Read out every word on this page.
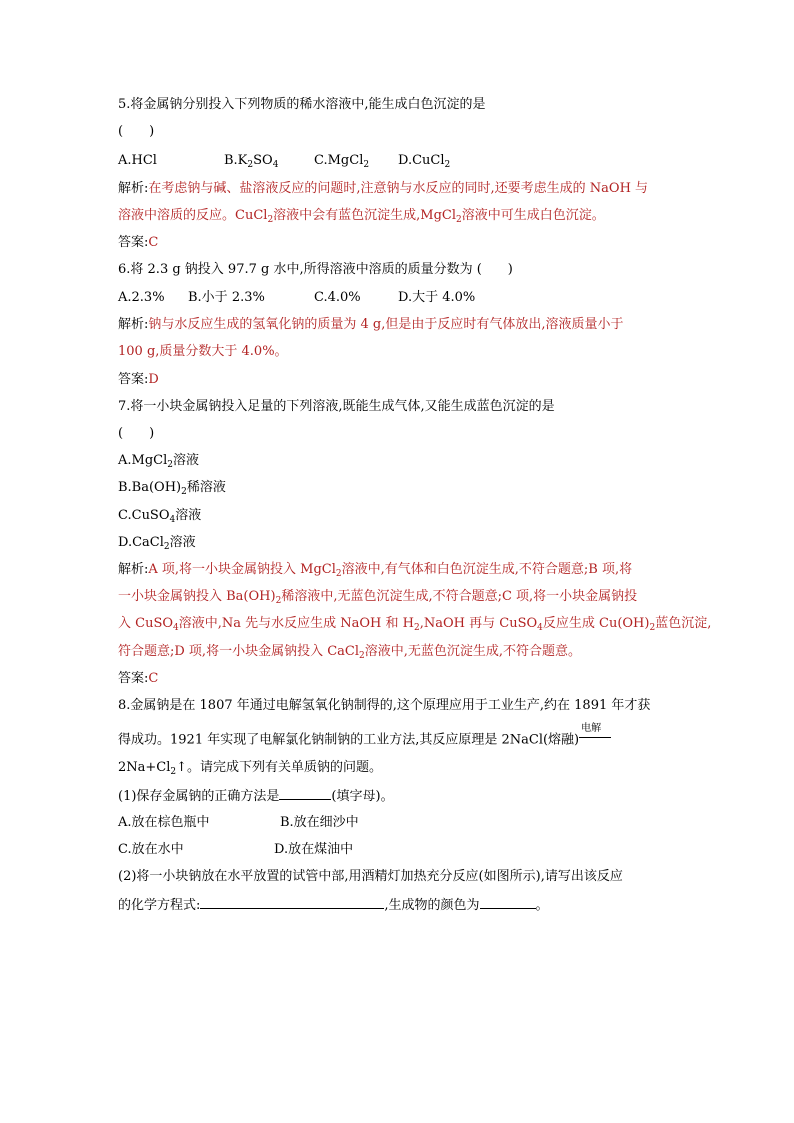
5.将金属钠分别投入下列物质的稀水溶液中,能生成白色沉淀的是
(　　)
A.HCl	$B.K_2SO_4$	C.MgCl$_2$ D.CuCl$_2$
解析:在考虑钠与碱、盐溶液反应的问题时,注意钠与水反应的同时,还要考虑生成的 NaOH 与
溶液中溶质的反应。CuCl$_2$溶液中会有蓝色沉淀生成,MgCl$_2$溶液中可生成白色沉淀。
答案:C
6.将 2.3 g 钠投入 97.7 g 水中,所得溶液中溶质的质量分数为 (　　)
A.2.3% B.小于 2.3%	C.4.0%	D.大于 4.0%
解析:钠与水反应生成的氢氧化钠的质量为 4 g,但是由于反应时有气体放出,溶液质量小于
100 g,质量分数大于 4.0%。
答案:D
7.将一小块金属钠投入足量的下列溶液,既能生成气体,又能生成蓝色沉淀的是
(　　)
A.MgCl$_2$溶液
$B.Ba(OH)_2$稀溶液
C.CuSO$_4$溶液
D.CaCl$_2$溶液
解析:A 项,将一小块金属钠投入 MgCl$_2$溶液中,有气体和白色沉淀生成,不符合题意;B 项,将
一小块金属钠投入 $Ba(OH)_2$稀溶液中,无蓝色沉淀生成,不符合题意;C 项,将一小块金属钠投
入 CuSO$_4$溶液中,Na 先与水反应生成 NaOH 和 $H_2,NaOH$ 再与 CuSO$_4$反应生成 $Cu(OH)_2$蓝色沉淀,
符合题意;D 项,将一小块金属钠投入 CaCl$_2$溶液中,无蓝色沉淀生成,不符合题意。
答案:C
8.金属钠是在 1807 年通过电解氢氧化钠制得的,这个原理应用于工业生产,约在 1891 年才获
得成功。1921 年实现了电解氯化钠制钠的工业方法,其反应原理是 2NaCl(熔融)
电解
$2Na+Cl_2↑$。请完成下列有关单质钠的问题。
(1)保存金属钠的正确方法是	(填字母)。
A.放在棕色瓶中	B.放在细沙中
C.放在水中	D.放在煤油中
(2)将一小块钠放在水平放置的试管中部,用酒精灯加热充分反应(如图所示),请写出该反应
的化学方程式:	,生成物的颜色为	。
